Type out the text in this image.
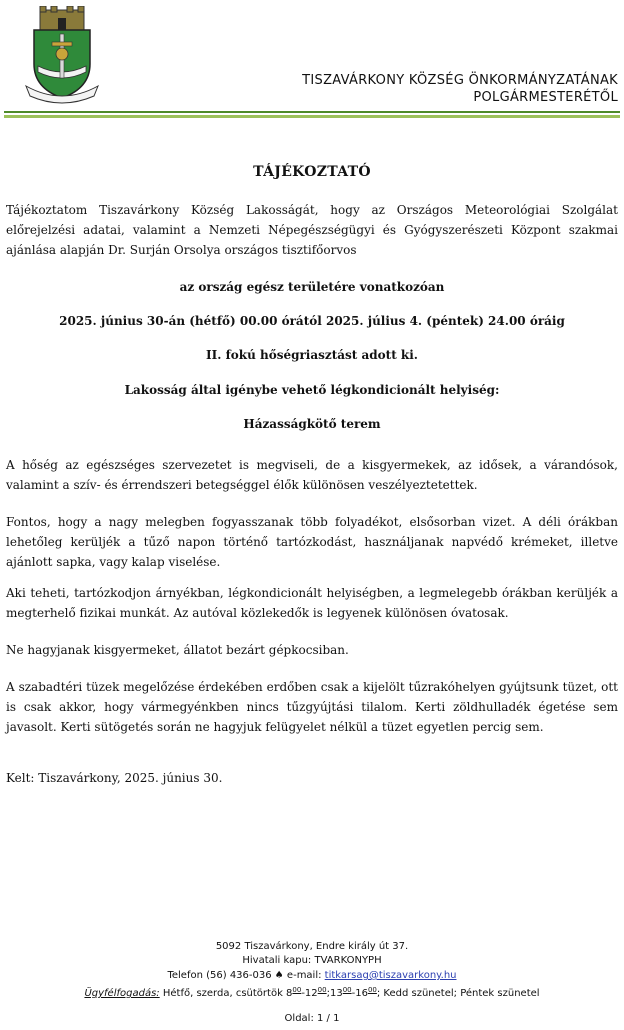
TISZAVÁRKONY KÖZSÉG ÖNKORMÁNYZATÁNAK
POLGÁRMESTERÉTŐL
TÁJÉKOZTATÓ
Tájékoztatom Tiszavárkony Község Lakosságát, hogy az Országos Meteorológiai Szolgálat előrejelzési adatai, valamint a Nemzeti Népegészségügyi és Gyógyszerészeti Központ szakmai ajánlása alapján Dr. Surján Orsolya országos tisztifőorvos
az ország egész területére vonatkozóan
2025. június 30-án (hétfő) 00.00 órától 2025. július 4. (péntek) 24.00 óráig
II. fokú hőségriasztást adott ki.
Lakosság által igénybe vehető légkondicionált helyiség:
Házasságkötő terem
A hőség az egészséges szervezetet is megviseli, de a kisgyermekek, az idősek, a várandósok, valamint a szív- és érrendszeri betegséggel élők különösen veszélyeztetettek.
Fontos, hogy a nagy melegben fogyasszanak több folyadékot, elsősorban vizet. A déli órákban lehetőleg kerüljék a tűző napon történő tartózkodást, használjanak napvédő krémeket, illetve ajánlott sapka, vagy kalap viselése.
Aki teheti, tartózkodjon árnyékban, légkondicionált helyiségben, a legmelegebb órákban kerüljék a megterhelő fizikai munkát. Az autóval közlekedők is legyenek különösen óvatosak.
Ne hagyjanak kisgyermeket, állatot bezárt gépkocsiban.
A szabadtéri tüzek megelőzése érdekében erdőben csak a kijelölt tűzrakóhelyen gyújtsunk tüzet, ott is csak akkor, hogy vármegyénkben nincs tűzgyújtási tilalom. Kerti zöldhulladék égetése sem javasolt. Kerti sütögetés során ne hagyjuk felügyelet nélkül a tüzet egyetlen percig sem.
Kelt: Tiszavárkony, 2025. június 30.
5092 Tiszavárkony, Endre király út 37.
Hivatali kapu: TVARKONYPH
Telefon (56) 436-036 ♠ e-mail: titkarsag@tiszavarkony.hu
Ügyfélfogadás: Hétfő, szerda, csütörtök $8^{00}-12^{00};13^{00}-16^{00}$; Kedd szünetel; Péntek szünetel
Oldal: 1 / 1
